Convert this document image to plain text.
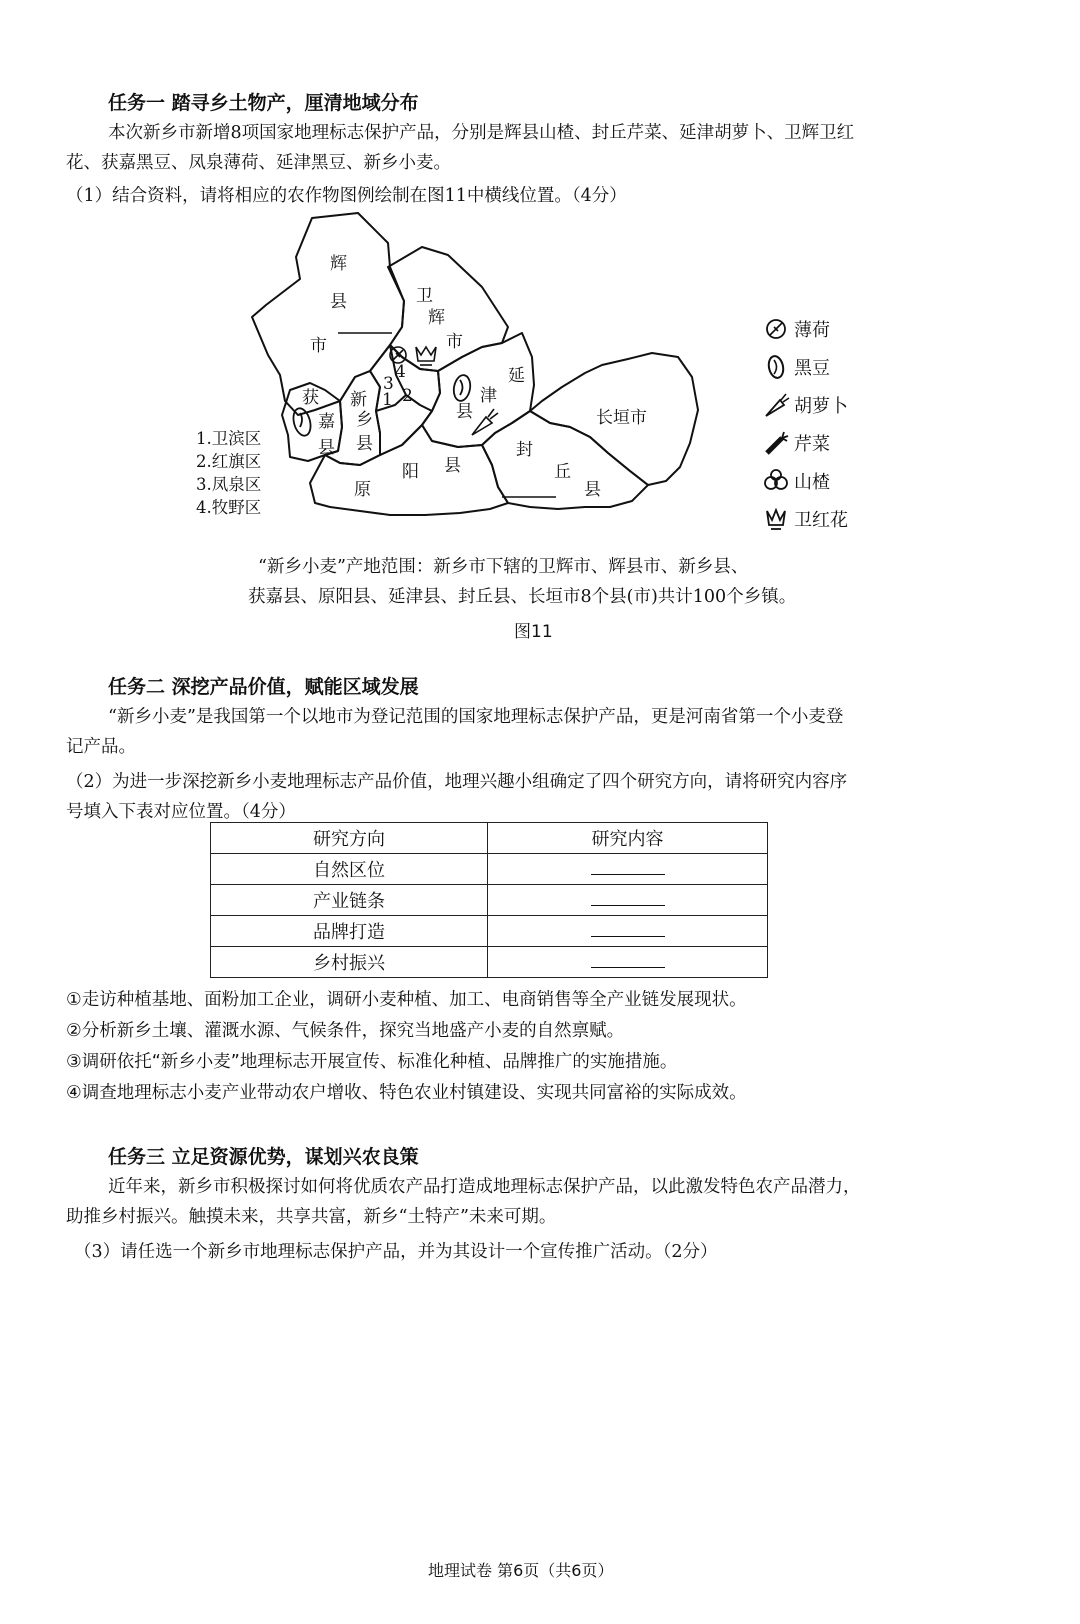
任务一 踏寻乡土物产，厘清地域分布
本次新乡市新增8项国家地理标志保护产品，分别是辉县山楂、封丘芹菜、延津胡萝卜、卫辉卫红
花、获嘉黑豆、凤泉薄荷、延津黑豆、新乡小麦。
（1）结合资料，请将相应的农作物图例绘制在图11中横线位置。（4分）
辉
县
市
卫
辉
市
延
津
县	长垣市
封
丘
县
获
嘉
县
新
乡
县
原
阳 县
1 2
3
4
1.卫滨区
2.红旗区
3.凤泉区
4.牧野区
薄荷
黑豆
胡萝卜
芹菜
山楂
卫红花
“新乡小麦”产地范围：新乡市下辖的卫辉市、辉县市、新乡县、
获嘉县、原阳县、延津县、封丘县、长垣市8个县(市)共计100个乡镇。
图11
任务二 深挖产品价值，赋能区域发展
“新乡小麦”是我国第一个以地市为登记范围的国家地理标志保护产品，更是河南省第一个小麦登
记产品。
（2）为进一步深挖新乡小麦地理标志产品价值，地理兴趣小组确定了四个研究方向，请将研究内容序
号填入下表对应位置。（4分）
研究方向	研究内容
自然区位	
产业链条	
品牌打造	
乡村振兴	
①走访种植基地、面粉加工企业，调研小麦种植、加工、电商销售等全产业链发展现状。
②分析新乡土壤、灌溉水源、气候条件，探究当地盛产小麦的自然禀赋。
③调研依托“新乡小麦”地理标志开展宣传、标准化种植、品牌推广的实施措施。
④调查地理标志小麦产业带动农户增收、特色农业村镇建设、实现共同富裕的实际成效。
任务三 立足资源优势，谋划兴农良策
近年来，新乡市积极探讨如何将优质农产品打造成地理标志保护产品，以此激发特色农产品潜力，
助推乡村振兴。触摸未来，共享共富，新乡“土特产”未来可期。
（3）请任选一个新乡市地理标志保护产品，并为其设计一个宣传推广活动。（2分）
地理试卷 第6页（共6页）
